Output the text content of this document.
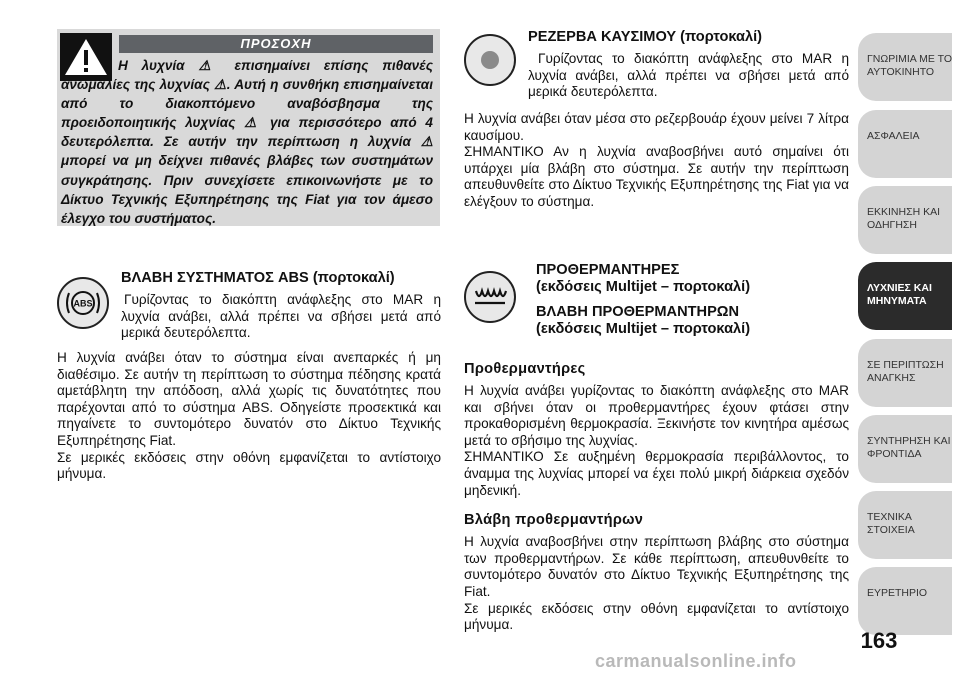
ΠΡΟΣΟΧΗ
Η λυχνία ⚠ επισημαίνει επίσης πιθανές ανωμαλίες της λυχνίας ⚠. Αυτή η συνθήκη επισημαίνεται από το διακοπτόμενο αναβόσβησμα της προειδοποιητικής λυχνίας ⚠ για περισσότερο από 4 δευτερόλεπτα. Σε αυτήν την περίπτωση η λυχνία ⚠ μπορεί να μη δείχνει πιθανές βλάβες των συστημάτων συγκράτησης. Πριν συνεχίσετε επικοινωνήστε με το Δίκτυο Τεχνικής Εξυπηρέτησης της Fiat για τον άμεσο έλεγχο του συστήματος.
ABS

ΒΛΑΒΗ ΣΥΣΤΗΜΑΤΟΣ ABS (πορτοκαλί)

Γυρίζοντας το διακόπτη ανάφλεξης στο MAR η λυχνία ανάβει, αλλά πρέπει να σβήσει μετά από μερικά δευτερόλεπτα.

Η λυχνία ανάβει όταν το σύστημα είναι ανεπαρκές ή μη διαθέσιμο. Σε αυτήν τη περίπτωση το σύστημα πέδησης κρατά αμετάβλητη την απόδοση, αλλά χωρίς τις δυνατότητες που παρέχονται από το σύστημα ABS. Οδηγείστε προσεκτικά και πηγαίνετε το συντομότερο δυνατόν στο Δίκτυο Τεχνικής Εξυπηρέτησης Fiat.

Σε μερικές εκδόσεις στην οθόνη εμφανίζεται το αντίστοιχο μήνυμα.

ΡΕΖΕΡΒΑ ΚΑΥΣΙΜΟΥ (πορτοκαλί)

Γυρίζοντας το διακόπτη ανάφλεξης στο MAR η λυχνία ανάβει, αλλά πρέπει να σβήσει μετά από μερικά δευτερόλεπτα.

Η λυχνία ανάβει όταν μέσα στο ρεζερβουάρ έχουν μείνει 7 λίτρα καυσίμου.

ΣΗΜΑΝΤΙΚΟ Αν η λυχνία αναβοσβήνει αυτό σημαίνει ότι υπάρχει μία βλάβη στο σύστημα. Σε αυτήν την περίπτωση απευθυνθείτε στο Δίκτυο Τεχνικής Εξυπηρέτησης της Fiat για να ελέγξουν το σύστημα.

ΠΡΟΘΕΡΜΑΝΤΗΡΕΣ

(εκδόσεις Multijet – πορτοκαλί)

ΒΛΑΒΗ ΠΡΟΘΕΡΜΑΝΤΗΡΩΝ

(εκδόσεις Multijet – πορτοκαλί)

Προθερμαντήρες

Η λυχνία ανάβει γυρίζοντας το διακόπτη ανάφλεξης στο MAR και σβήνει όταν οι προθερμαντήρες έχουν φτάσει στην προκαθορισμένη θερμοκρασία. Ξεκινήστε τον κινητήρα αμέσως μετά το σβήσιμο της λυχνίας.

ΣΗΜΑΝΤΙΚΟ Σε αυξημένη θερμοκρασία περιβάλλοντος, το άναμμα της λυχνίας μπορεί να έχει πολύ μικρή διάρκεια σχεδόν μηδενική.

Βλάβη προθερμαντήρων

Η λυχνία αναβοσβήνει στην περίπτωση βλάβης στο σύστημα των προθερμαντήρων. Σε κάθε περίπτωση, απευθυνθείτε το συντομότερο δυνατόν στο Δίκτυο Τεχνικής Εξυπηρέτησης της Fiat.

Σε μερικές εκδόσεις στην οθόνη εμφανίζεται το αντίστοιχο μήνυμα.

ΓΝΩΡΙΜΙΑ ΜΕ ΤΟ ΑΥΤΟΚΙΝΗΤΟ
ΑΣΦΑΛΕΙΑ
ΕΚΚΙΝΗΣΗ ΚΑΙ ΟΔΗΓΗΣΗ
ΛΥΧΝΙΕΣ ΚΑΙ ΜΗΝΥΜΑΤΑ
ΣΕ ΠΕΡΙΠΤΩΣΗ ΑΝΑΓΚΗΣ
ΣΥΝΤΗΡΗΣΗ ΚΑΙ ΦΡΟΝΤΙΔΑ
ΤΕΧΝΙΚΑ ΣΤΟΙΧΕΙΑ
ΕΥΡΕΤΗΡΙΟ
163
carmanualsonline.info
